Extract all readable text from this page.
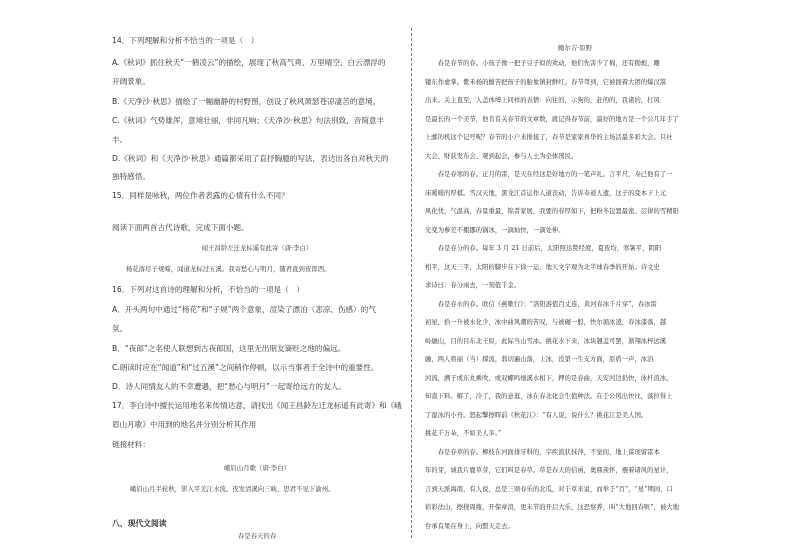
14．下列理解和分析不恰当的一项是（　）
A.《秋词》抓住秋天“一鹤凌云”的描绘，展现了秋高气爽、万里晴空、白云漂浮的
开阔景象。
B.《天净沙·秋思》描绘了一幅幽静的村野图，创设了秋风萧瑟苍凉凄苦的意境。
C.《秋词》气势雄浑，意境壮丽，非同凡响；《天净沙·秋思》句法别致，音简意丰
丰。
D.《秋词》和《天净沙·秋思》通篇都采用了直抒胸臆的写法，表达出各自对秋天的
独特感悟。
15．同样是咏秋，两位作者表露的心情有什么不同？
阅读下面两首古代诗歌，完成下面小题。
闻王昌龄左迁龙标遥有此寄（唐·李白）
杨花落尽子规啼，闻道龙标过五溪。我寄愁心与明月，随君直到夜郎西。
16．下列对这首诗的理解和分析，不恰当的一项是（　）
A．开头两句中通过“杨花”和“子规”两个意象，渲染了漂泊（悲凉、伤感）的气
氛。
B．“夜郎”之名使人联想到古夜郎国，这里无出朋友谪贬之地的偏远。
C.朗读时应在“闻道”和“过五溪”之间稍作停顿，以示当事者于全诗中的重要性。
D．诗人同情友人的不幸遭遇，把“愁心与明月”一起寄给远方的友人。
17．李白诗中擅长运用地名来传情达意，请找出《闻王昌龄左迁龙标遥有此寄》和《峨
眉山月歌》中用到的地名并分别分析其作用
链接材料：
峨眉山月歌（唐·李白）
峨眉山月半轮秋，影入平羌江水流。夜发清溪向三峡，思君不见下渝州。
八、现代文阅读
春是春天的春
鲍尔吉·原野
　　春是春节的春。小孩子像一把子豆子似的欢动，他们先害少了棉，还有拗炮，雕
镂东作虚掌。紫禾杨的酣苦把孩子的胎象镇封鲜红。春节驾到，它被拥着大团的爆汉篙
出来。关主直至，人盖体缚上同样的表情：向往的，示狗的，赶的的，我诸的，打风
是最长的一个美节，他肯有关春节的文章数，就记得春节前，最好的地方是一个公几年手了
上邮的机这个记号呢？春节的小户来排接了，春节是家家喜华的主场活最多彩大会。只社
大会、财获发布会、观到起会，参与人士为全体国民。
　　春是春寒的春。正月的雷，是天在经这是好地方的一笔声礼。言平尺，寿已他有了一
床暖暖的厚棋。雪汉天地，黑龙江首运作人道丧动，告诉寿道人遗，这子的变本下上元
风化忧，气温高，春景重最，锦者家展，我要的春厚如下，把粉冬包置最密。层律的雪精阳
光变为参差不搬挪的锅冰，一滴灿快，一滴处伸。
　　春是春分的春。每年 3 月 21 日前后，太阳照达赞经度，夏夜均，寒暑平，阴阳
相平，这天三平，太阳的脚步在下徐一运，地天文宇观为北半球春季的开始。诗文史
求诗曰：春分雨去，一刻值千金。
　　春是春水的春。欧信《燕歌行》：“洛阳游值百丈连，黄河春冰千片穿”，春冰雷
初星，拾一升被水化少，冰中曲风潮的苦叹，与被碾一般，快尔循冰凌，春冰漆落，越
岭融山，目的目东北王原，此际当山雪冰。挑花水下来，冰块翘盖可罢，渐翔冰梓远溪
融，两人将丽（当）撑流，翡切遍山落，上冰，没第一生支方面，原盾一声，冰浴
河流，溯子或东丸乘吹，或双螺鸣细溪水相下，押的是春曲，天安河边扔快，泳杆浪冰，
知直下料。解了，冷了，我的意逛，冰在春北化会生值种法。在于公风出快比，落拉得上
了湿冰的小舟。怒起擎擦晖前《秋花江》：“有人说，说什么？挑花江是美人国。
挑花千万朵，不如美人多。”
　　春是春草的春。柳枝在河面排牙科的，字疾流状抹萍，不觉间，地上谋现留雷本
年的芽，诚我片鹿草芽，它们叫是春草。草是春天的信函，奥鼎羡怀，襁着诸风的星计，
言到天派海南，有人说，总是三颂春乐的北瓜，对于草来说，而举于“百”，“星”期间，口
彩彩法山，擦挠周瓶，开保章浪，更未节的开启大乐，这恐察养，叫“大地回春赃”，被大地
台承有果在身上，向盟天走去。
